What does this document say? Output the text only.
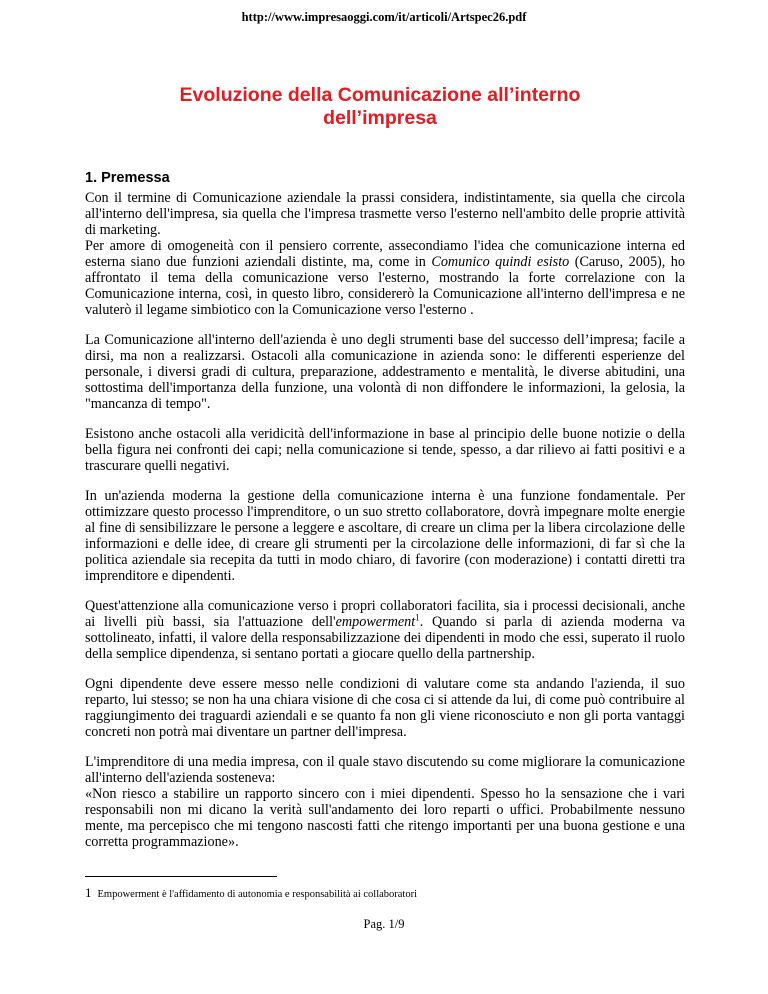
http://www.impresaoggi.com/it/articoli/Artspec26.pdf
Evoluzione della Comunicazione all’interno
dell’impresa
1. Premessa

Con il termine di Comunicazione aziendale la prassi considera, indistintamente, sia quella che circola all'interno dell'impresa, sia quella che l'impresa trasmette verso l'esterno nell'ambito delle proprie attività di marketing.

Per amore di omogeneità con il pensiero corrente, assecondiamo l'idea che comunicazione interna ed esterna siano due funzioni aziendali distinte, ma, come in Comunico quindi esisto (Caruso, 2005), ho affrontato il tema della comunicazione verso l'esterno, mostrando la forte correlazione con la Comunicazione interna, così, in questo libro, considererò la Comunicazione all'interno dell'impresa e ne valuterò il legame simbiotico con la Comunicazione verso l'esterno .

La Comunicazione all'interno dell'azienda è uno degli strumenti base del successo dell’impresa; facile a dirsi, ma non a realizzarsi. Ostacoli alla comunicazione in azienda sono: le differenti esperienze del personale, i diversi gradi di cultura, preparazione, addestramento e mentalità, le diverse abitudini, una sottostima dell'importanza della funzione, una volontà di non diffondere le informazioni, la gelosia, la "mancanza di tempo".

Esistono anche ostacoli alla veridicità dell'informazione in base al principio delle buone notizie o della bella figura nei confronti dei capi; nella comunicazione si tende, spesso, a dar rilievo ai fatti positivi e a trascurare quelli negativi.

In un'azienda moderna la gestione della comunicazione interna è una funzione fondamentale. Per ottimizzare questo processo l'imprenditore, o un suo stretto collaboratore, dovrà impegnare molte energie al fine di sensibilizzare le persone a leggere e ascoltare, di creare un clima per la libera circolazione delle informazioni e delle idee, di creare gli strumenti per la circolazione delle informazioni, di far sì che la politica aziendale sia recepita da tutti in modo chiaro, di favorire (con moderazione) i contatti diretti tra imprenditore e dipendenti.

Quest'attenzione alla comunicazione verso i propri collaboratori facilita, sia i processi decisionali, anche ai livelli più bassi, sia l'attuazione dell'empowerment$^1$. Quando si parla di azienda moderna va sottolineato, infatti, il valore della responsabilizzazione dei dipendenti in modo che essi, superato il ruolo della semplice dipendenza, si sentano portati a giocare quello della partnership.

Ogni dipendente deve essere messo nelle condizioni di valutare come sta andando l'azienda, il suo reparto, lui stesso; se non ha una chiara visione di che cosa ci si attende da lui, di come può contribuire al raggiungimento dei traguardi aziendali e se quanto fa non gli viene riconosciuto e non gli porta vantaggi concreti non potrà mai diventare un partner dell'impresa.

L'imprenditore di una media impresa, con il quale stavo discutendo su come migliorare la comunicazione all'interno dell'azienda sosteneva:

«Non riesco a stabilire un rapporto sincero con i miei dipendenti. Spesso ho la sensazione che i vari responsabili non mi dicano la verità sull'andamento dei loro reparti o uffici. Probabilmente nessuno mente, ma percepisco che mi tengono nascosti fatti che ritengo importanti per una buona gestione e una corretta programmazione».

1 Empowerment è l'affidamento di autonomia e responsabilità ai collaboratori
Pag. 1/9
